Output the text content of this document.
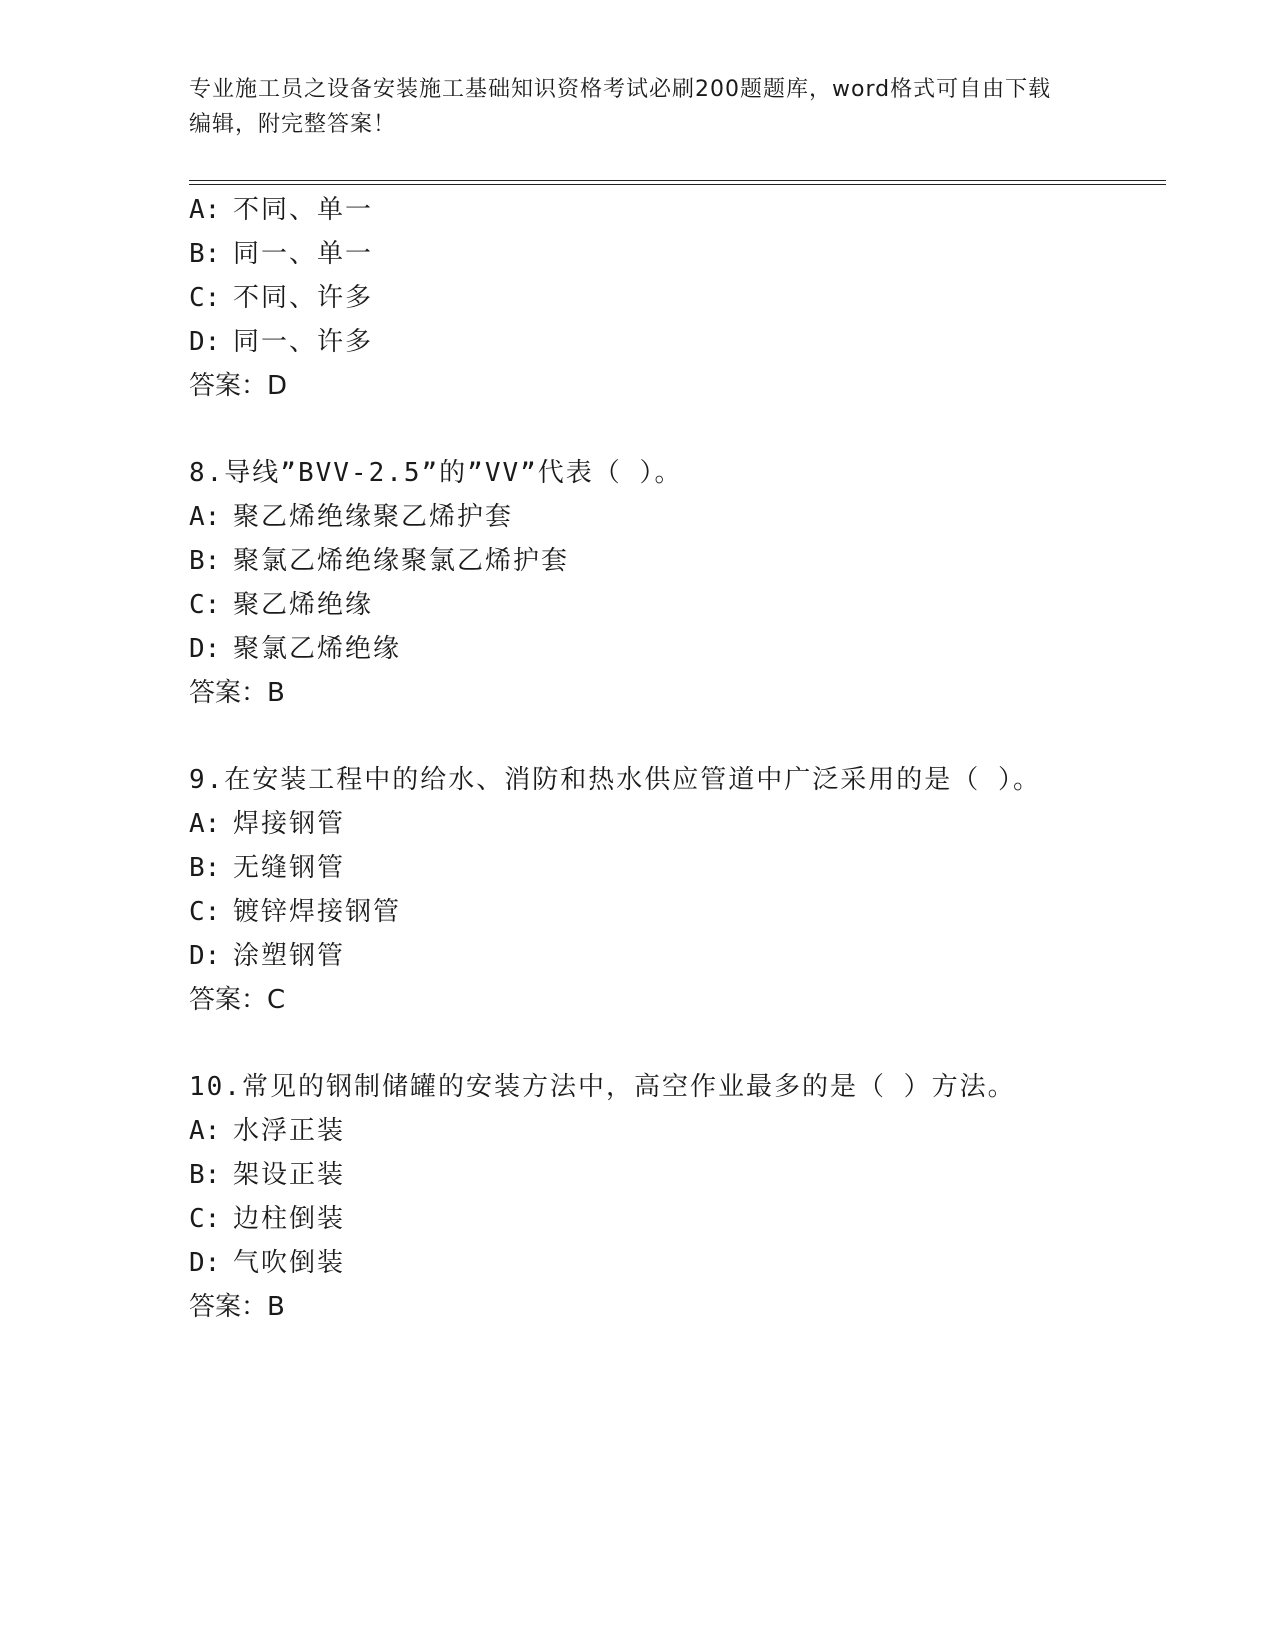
专业施工员之设备安装施工基础知识资格考试必刷200题题库，word格式可自由下载编辑，附完整答案！
A: 不同、单一
B: 同一、单一
C: 不同、许多
D: 同一、许多
答案：D
8.导线”BVV-2.5”的”VV”代表（ ）。
A: 聚乙烯绝缘聚乙烯护套
B: 聚氯乙烯绝缘聚氯乙烯护套
C: 聚乙烯绝缘
D: 聚氯乙烯绝缘
答案：B
9.在安装工程中的给水、消防和热水供应管道中广泛采用的是（ ）。
A: 焊接钢管
B: 无缝钢管
C: 镀锌焊接钢管
D: 涂塑钢管
答案：C
10.常见的钢制储罐的安装方法中，高空作业最多的是（ ）方法。
A: 水浮正装
B: 架设正装
C: 边柱倒装
D: 气吹倒装
答案：B
